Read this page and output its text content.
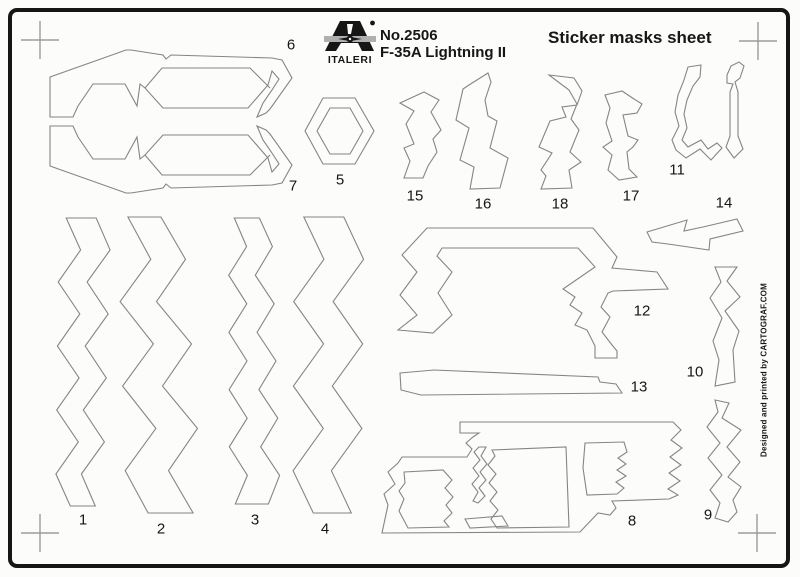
ITALERI
No.2506
F-35A Lightning II
Sticker masks sheet
Designed and printed by CARTOGRAF.COM
1
2
3
4
5
6
7
8	9
10
11
12
13
14
15	16	17
18
